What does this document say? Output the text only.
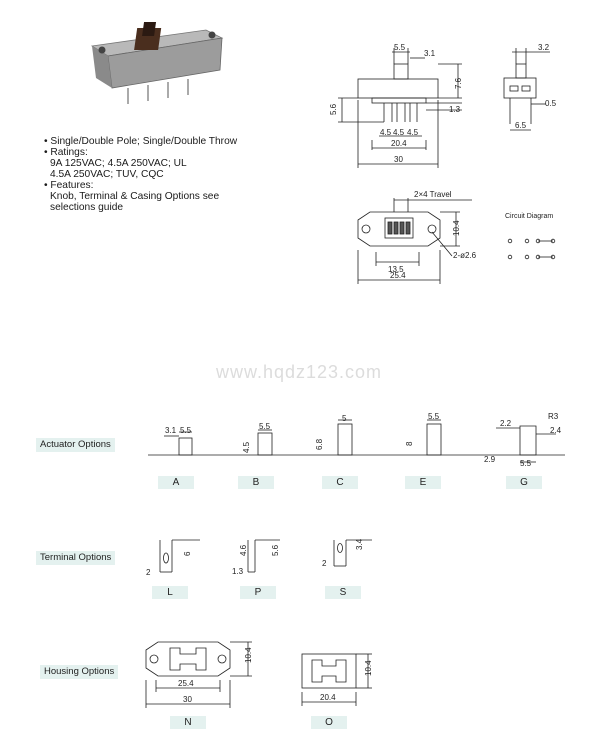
• Single/Double Pole; Single/Double Throw
• Ratings:
9A 125VAC; 4.5A 250VAC; UL
4.5A 250VAC; TUV, CQC
• Features:
Knob, Terminal & Casing Options see
selections guide
www.hqdz123.com
5.5
3.1
7.6
5.6	1.3
4.5 4.5 4.5
20.4
30
3.2
0.5
6.5
2×4 Travel
10.4
13.5
25.4
2-ø2.6
Circuit Diagram
3.1 5.5	5.5
4.5
5
6.8
5.5
8
2.2
R3
2.4
2.9	5.5
6
2
4.6	5.6
1.3
3.4
2
10.4
25.4
30
10.4
20.4
Actuator Options
Terminal Options
Housing Options
A	B	C	E	G
L	P	S
N	O
